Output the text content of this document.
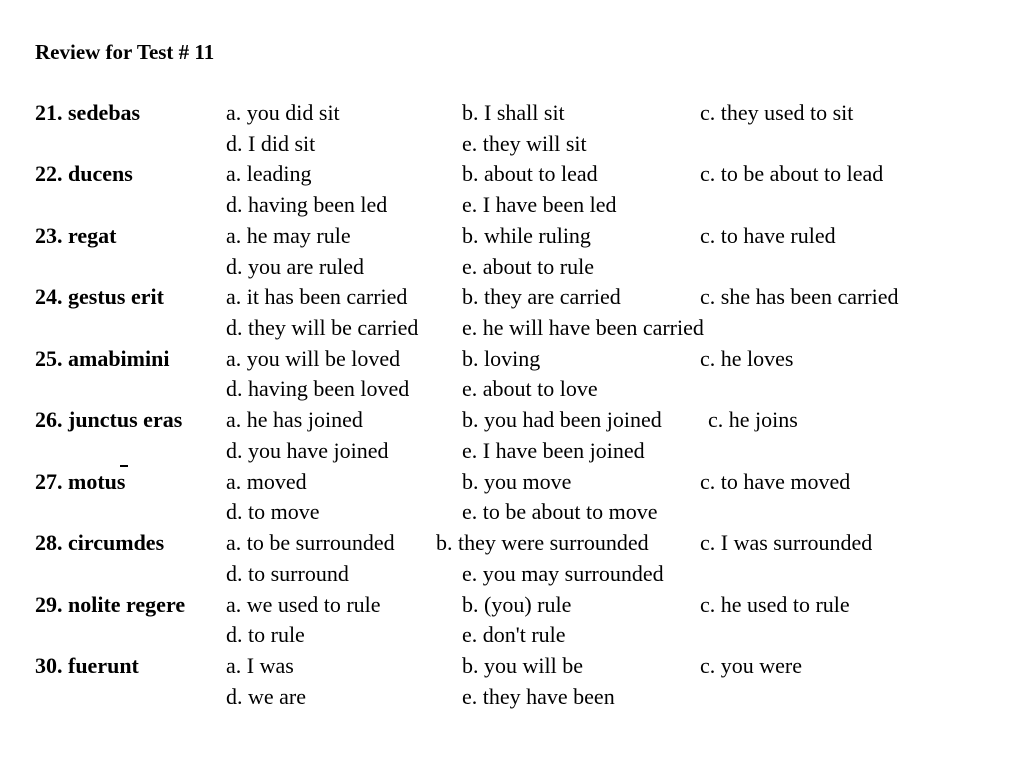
Review for Test # 11
21. sedebas	a. you did sit	b. I shall sit	c. they used to sit
d. I did sit	e. they will sit
22. ducens	a. leading	b. about to lead	c. to be about to lead
d. having been led	e. I have been led
23. regat	a. he may rule	b. while ruling	c. to have ruled
d. you are ruled	e. about to rule
24. gestus erit	a. it has been carried b. they are carried	c. she has been carried
d. they will be carried e. he will have been carried
25. amabimini	a. you will be loved	b. loving	c. he loves
d. having been loved e. about to love
26. junctus eras a. he has joined	b. you had been joined c. he joins
d. you have joined	e. I have been joined
27. motus	a. moved	b. you move	c. to have moved
d. to move	e. to be about to move
28. circumdes	a. to be surrounded b. they were surrounded c. I was surrounded
d. to surround	e. you may surrounded
29. nolite regere a. we used to rule	b. (you) rule	c. he used to rule
d. to rule	e. don't rule
30. fuerunt	a. I was	b. you will be	c. you were
d. we are	e. they have been
